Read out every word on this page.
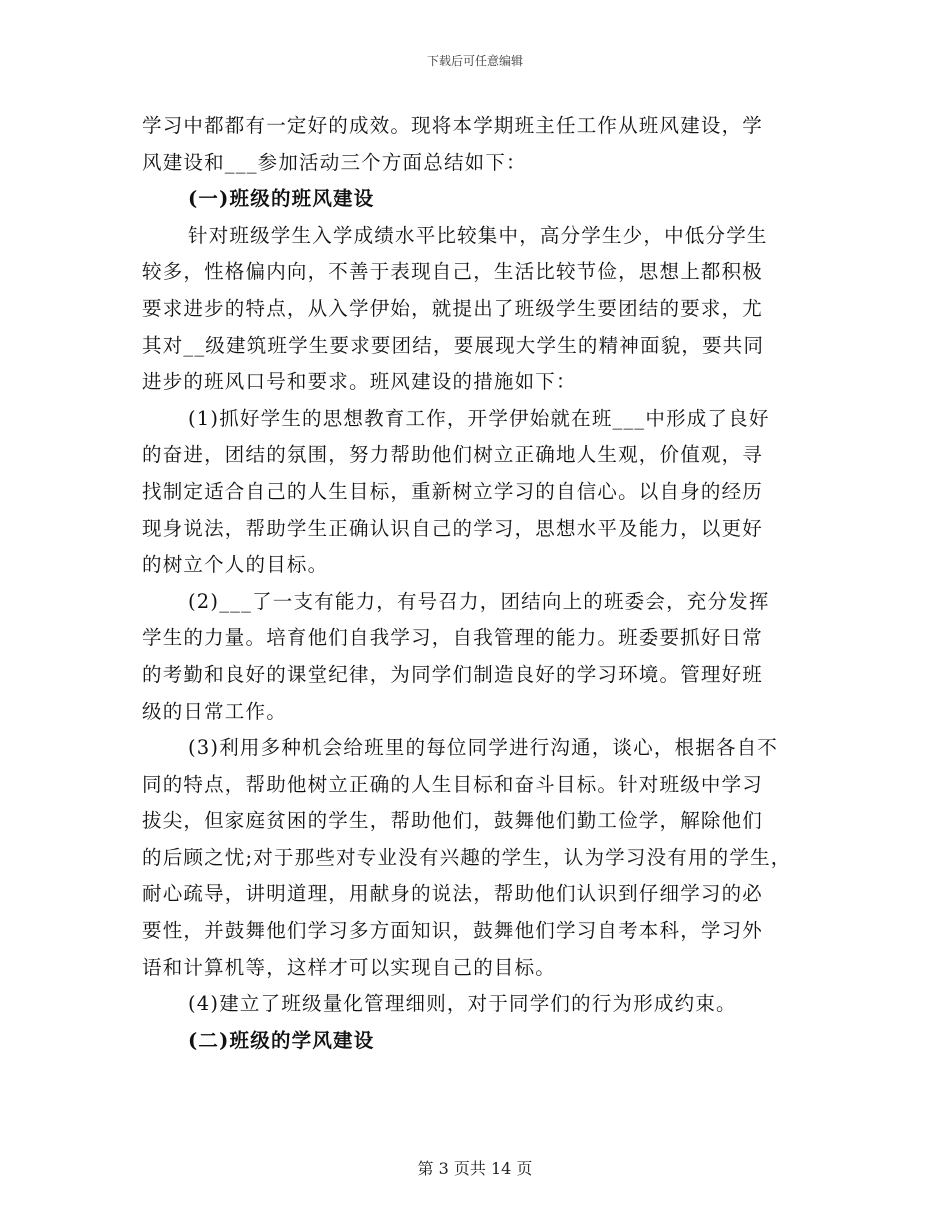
下载后可任意编辑

学习中都都有一定好的成效。现将本学期班主任工作从班风建设，学
风建设和___参加活动三个方面总结如下：
(一)班级的班风建设
针对班级学生入学成绩水平比较集中，高分学生少，中低分学生
较多，性格偏内向，不善于表现自己，生活比较节俭，思想上都积极
要求进步的特点，从入学伊始，就提出了班级学生要团结的要求，尤
其对__级建筑班学生要求要团结，要展现大学生的精神面貌，要共同
进步的班风口号和要求。班风建设的措施如下：
(1)抓好学生的思想教育工作，开学伊始就在班___中形成了良好
的奋进，团结的氛围，努力帮助他们树立正确地人生观，价值观，寻
找制定适合自己的人生目标，重新树立学习的自信心。以自身的经历
现身说法，帮助学生正确认识自己的学习，思想水平及能力，以更好
的树立个人的目标。
(2)___了一支有能力，有号召力，团结向上的班委会，充分发挥
学生的力量。培育他们自我学习，自我管理的能力。班委要抓好日常
的考勤和良好的课堂纪律，为同学们制造良好的学习环境。管理好班
级的日常工作。
(3)利用多种机会给班里的每位同学进行沟通，谈心，根据各自不
同的特点，帮助他树立正确的人生目标和奋斗目标。针对班级中学习
拔尖，但家庭贫困的学生，帮助他们，鼓舞他们勤工俭学，解除他们
的后顾之忧;对于那些对专业没有兴趣的学生，认为学习没有用的学生，
耐心疏导，讲明道理，用献身的说法，帮助他们认识到仔细学习的必
要性，并鼓舞他们学习多方面知识，鼓舞他们学习自考本科，学习外
语和计算机等，这样才可以实现自己的目标。
(4)建立了班级量化管理细则，对于同学们的行为形成约束。
(二)班级的学风建设

第 3 页共 14 页
